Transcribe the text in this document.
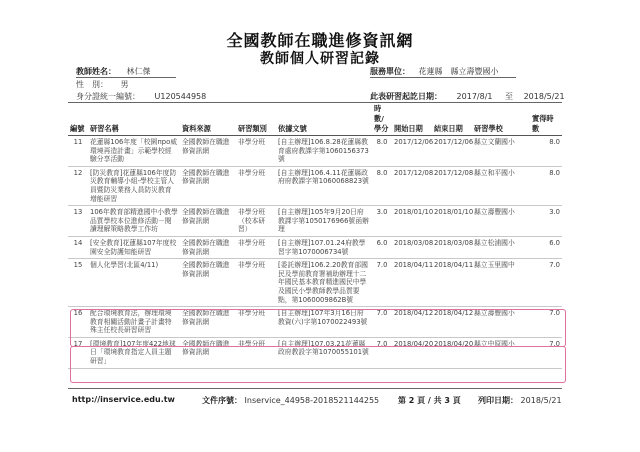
全國教師在職進修資訊網
教師個人研習記錄
教師姓名： 林仁傑	服務單位： 花蓮縣　縣立壽豐國小
性　別： 男
身分證統一編號： U120544958	此表研習起訖日期： 2017/8/1 至 2018/5/21
編號	研習名稱	資料來源	研習類別	依據文號	時數/學分	開始日期	結束日期	研習學校	實得時數
11	花蓮縣106年度「校園про威環境再造計畫」示範學校經驗分享活動	全國教師在職進修資訊網	非學分班	[自主辦理]106.8.28花蓮縣教育處府教課字第1060156373號	8.0	2017/12/06	2017/12/06	縣立文蘭國小	8.0
12	[防災教育]花蓮縣106年度防災教育輔導小組-學校主管人員暨防災業務人員防災教育增能研習	全國教師在職進修資訊網	非學分班	[自主辦理]106.4.11花蓮縣政府府教課字第1060068823號	8.0	2017/12/08	2017/12/08	縣立和平國小	8.0
13	106年教育部精進國中小教學品質學校本位進修活動－閱讀理解策略教學工作坊	全國教師在職進修資訊網	非學分班（校本研習）	[自主辦理]105年9月20日府教課字第1050176966號函辦理	3.0	2018/01/10	2018/01/10	縣立壽豐國小	3.0
14	[安全教育]花蓮縣107年度校園安全防護知能研習	全國教師在職進修資訊網	非學分班	[自主辦理]107.01.24府教學習字第1070006734號	6.0	2018/03/08	2018/03/08	縣立松浦國小	6.0
15	個人化學習(北區4/11)	全國教師在職進修資訊網	非學分班	[委託辦理]106.2.20教育部國民及學前教育署補助辦理十二年國民基本教育精進國民中學及國民小學教師教學品質要點，第1060009862B號	7.0	2018/04/11	2018/04/11	縣立玉里國中	7.0
16	配合環境教育法，辦理環境教育相關活動計畫子計畫特殊主任校長研習研習	全國教師在職進修資訊網	非學分班	[自主辦理]107年3月16日府教資(六)字第1070022493號	7.0	2018/04/12	2018/04/12	縣立壽豐國小	7.0
17	[環境教育]107年度422地球日「環境教育指定人員主題研習」	全國教師在職進修資訊網	非學分班	[自主辦理]107.03.21花蓮縣政府教設字第1070055101號	7.0	2018/04/20	2018/04/20	縣立中原國小	7.0
http://inservice.edu.tw	文件序號： Inservice_44958-2018521144255 第 2 頁 / 共 3 頁 列印日期： 2018/5/21
